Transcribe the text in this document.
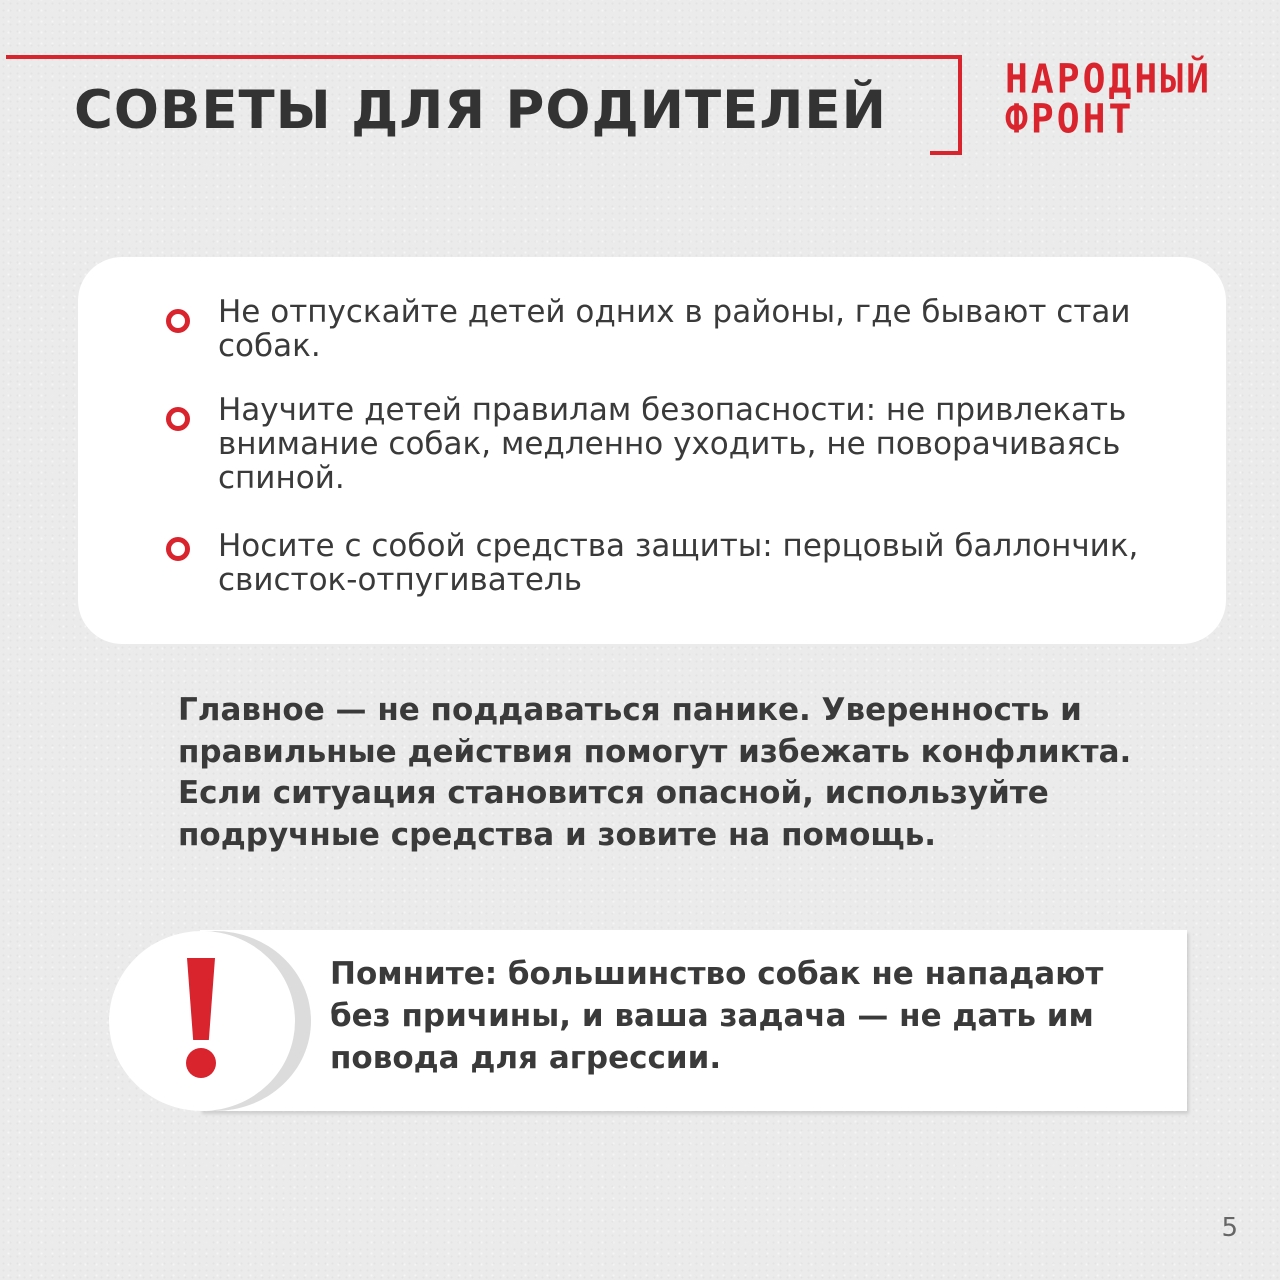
СОВЕТЫ ДЛЯ РОДИТЕЛЕЙ
НАРОДНЫЙ
ФРОНТ
Не отпускайте детей одних в районы, где бывают стаи собак.
Научите детей правилам безопасности: не привлекать внимание собак, медленно уходить, не поворачиваясь спиной.
Носите с собой средства защиты: перцовый баллончик, свисток-отпугиватель
Главное — не поддаваться панике. Уверенность и правильные действия помогут избежать конфликта. Если ситуация становится опасной, используйте подручные средства и зовите на помощь.
Помните: большинство собак не нападают без причины, и ваша задача — не дать им повода для агрессии.
5
